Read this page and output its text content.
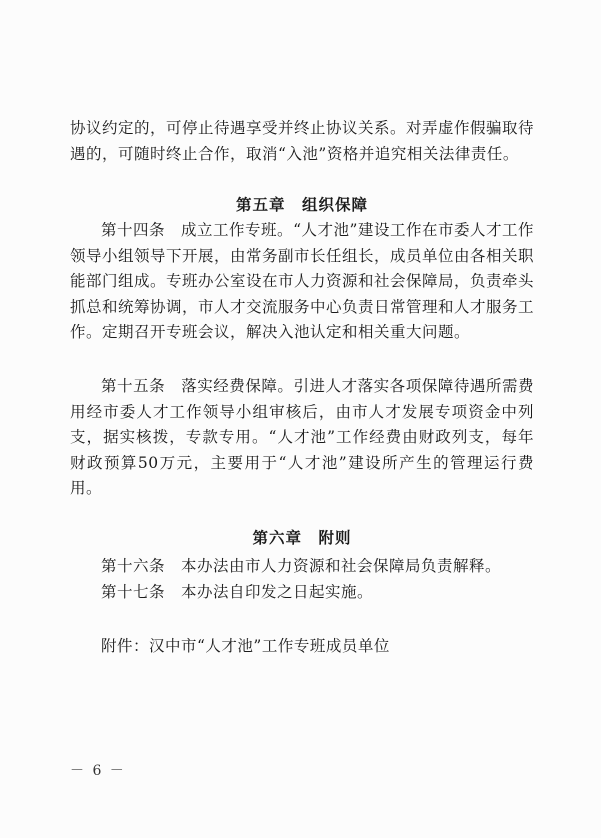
协议约定的，可停止待遇享受并终止协议关系。对弄虚作假骗取待遇的，可随时终止合作，取消“入池”资格并追究相关法律责任。

第五章　组织保障

第十四条　成立工作专班。“人才池”建设工作在市委人才工作领导小组领导下开展，由常务副市长任组长，成员单位由各相关职能部门组成。专班办公室设在市人力资源和社会保障局，负责牵头抓总和统筹协调，市人才交流服务中心负责日常管理和人才服务工作。定期召开专班会议，解决入池认定和相关重大问题。

第十五条　落实经费保障。引进人才落实各项保障待遇所需费用经市委人才工作领导小组审核后，由市人才发展专项资金中列支，据实核拨，专款专用。“人才池”工作经费由财政列支，每年财政预算50万元，主要用于“人才池”建设所产生的管理运行费用。

第六章　附则

第十六条　本办法由市人力资源和社会保障局负责解释。

第十七条　本办法自印发之日起实施。

附件：汉中市“人才池”工作专班成员单位

－ 6 －
